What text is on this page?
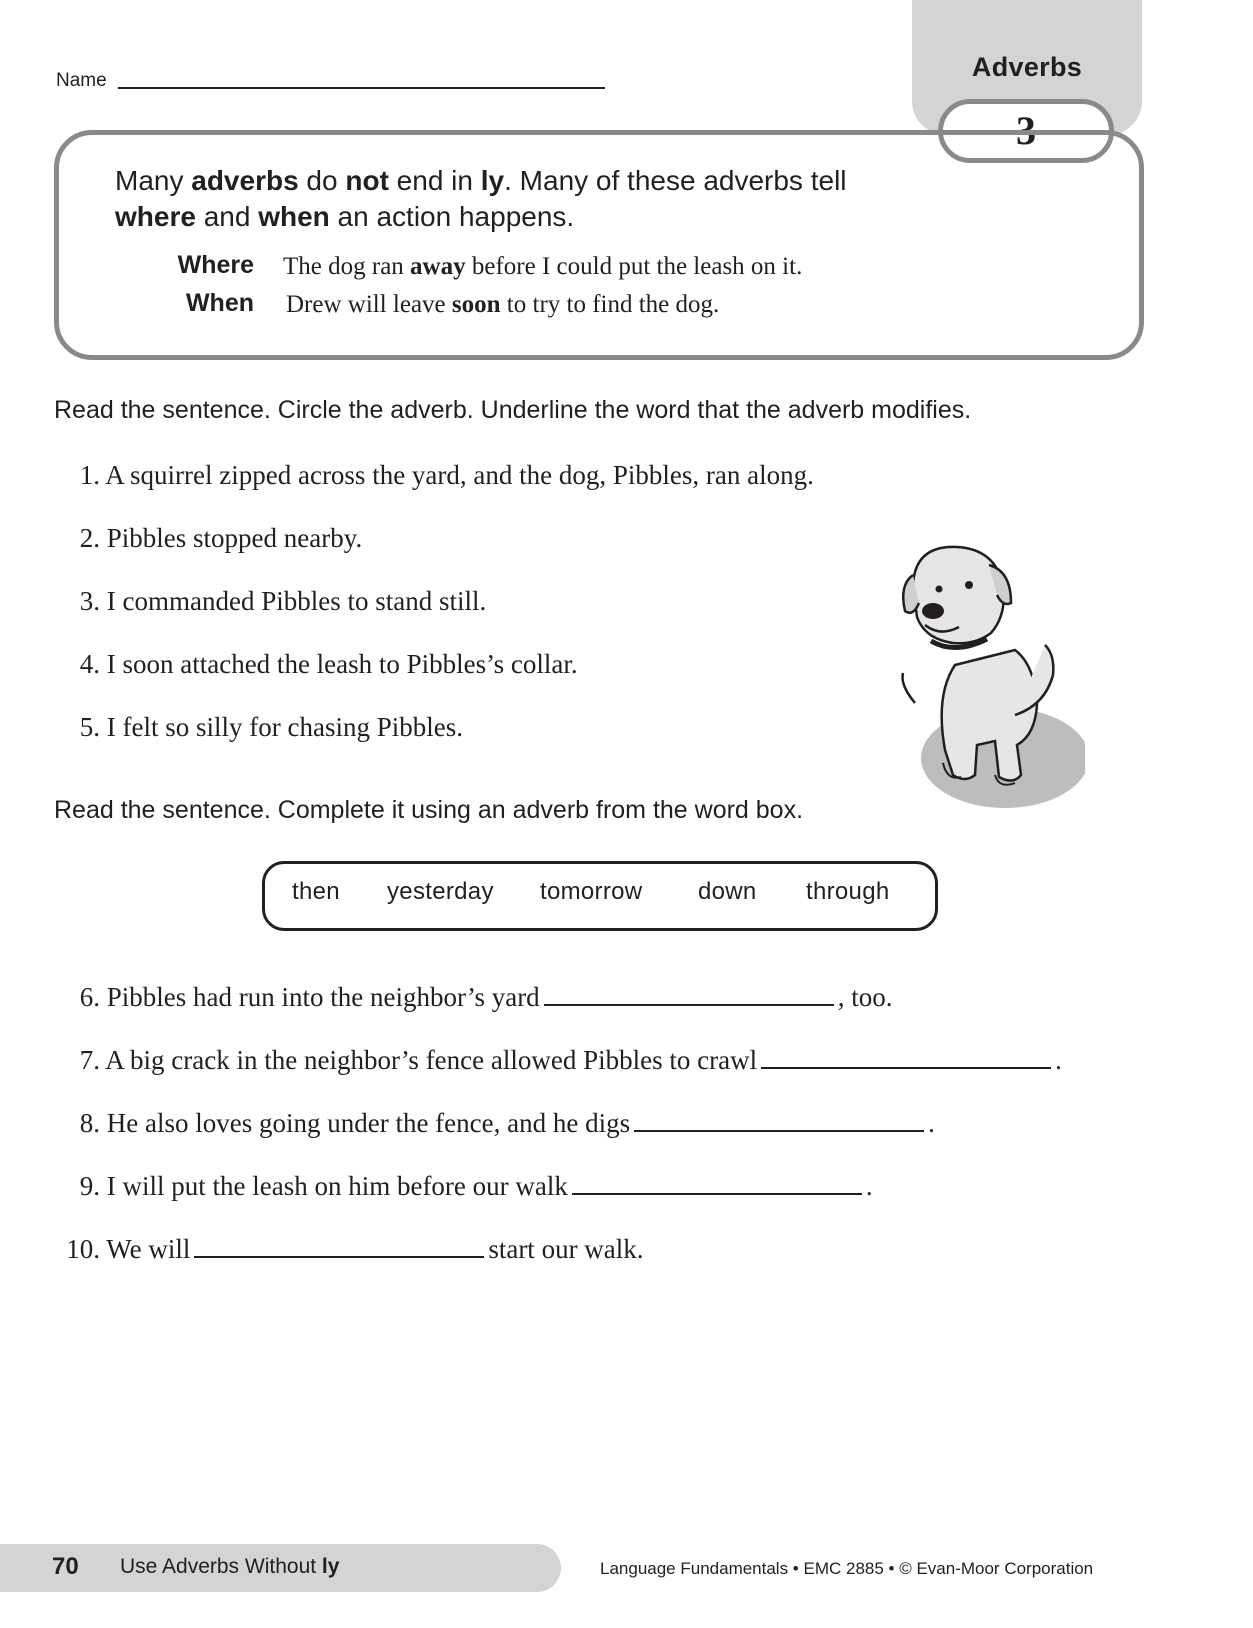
Adverbs
3
Name
Many adverbs do not end in ly. Many of these adverbs tell
where and when an action happens.
Where The dog ran away before I could put the leash on it.
When Drew will leave soon to try to find the dog.
Read the sentence. Circle the adverb. Underline the word that the adverb modifies.
1. A squirrel zipped across the yard, and the dog, Pibbles, ran along.
2. Pibbles stopped nearby.
3. I commanded Pibbles to stand still.
4. I soon attached the leash to Pibbles’s collar.
5. I felt so silly for chasing Pibbles.
Read the sentence. Complete it using an adverb from the word box.
then yesterday tomorrow down through
6. Pibbles had run into the neighbor’s yard	, too.
7. A big crack in the neighbor’s fence allowed Pibbles to crawl	.
8. He also loves going under the fence, and he digs	.
9. I will put the leash on him before our walk	.
10. We will	start our walk.
70 Use Adverbs Without ly	Language Fundamentals • EMC 2885 • © Evan-Moor Corporation
